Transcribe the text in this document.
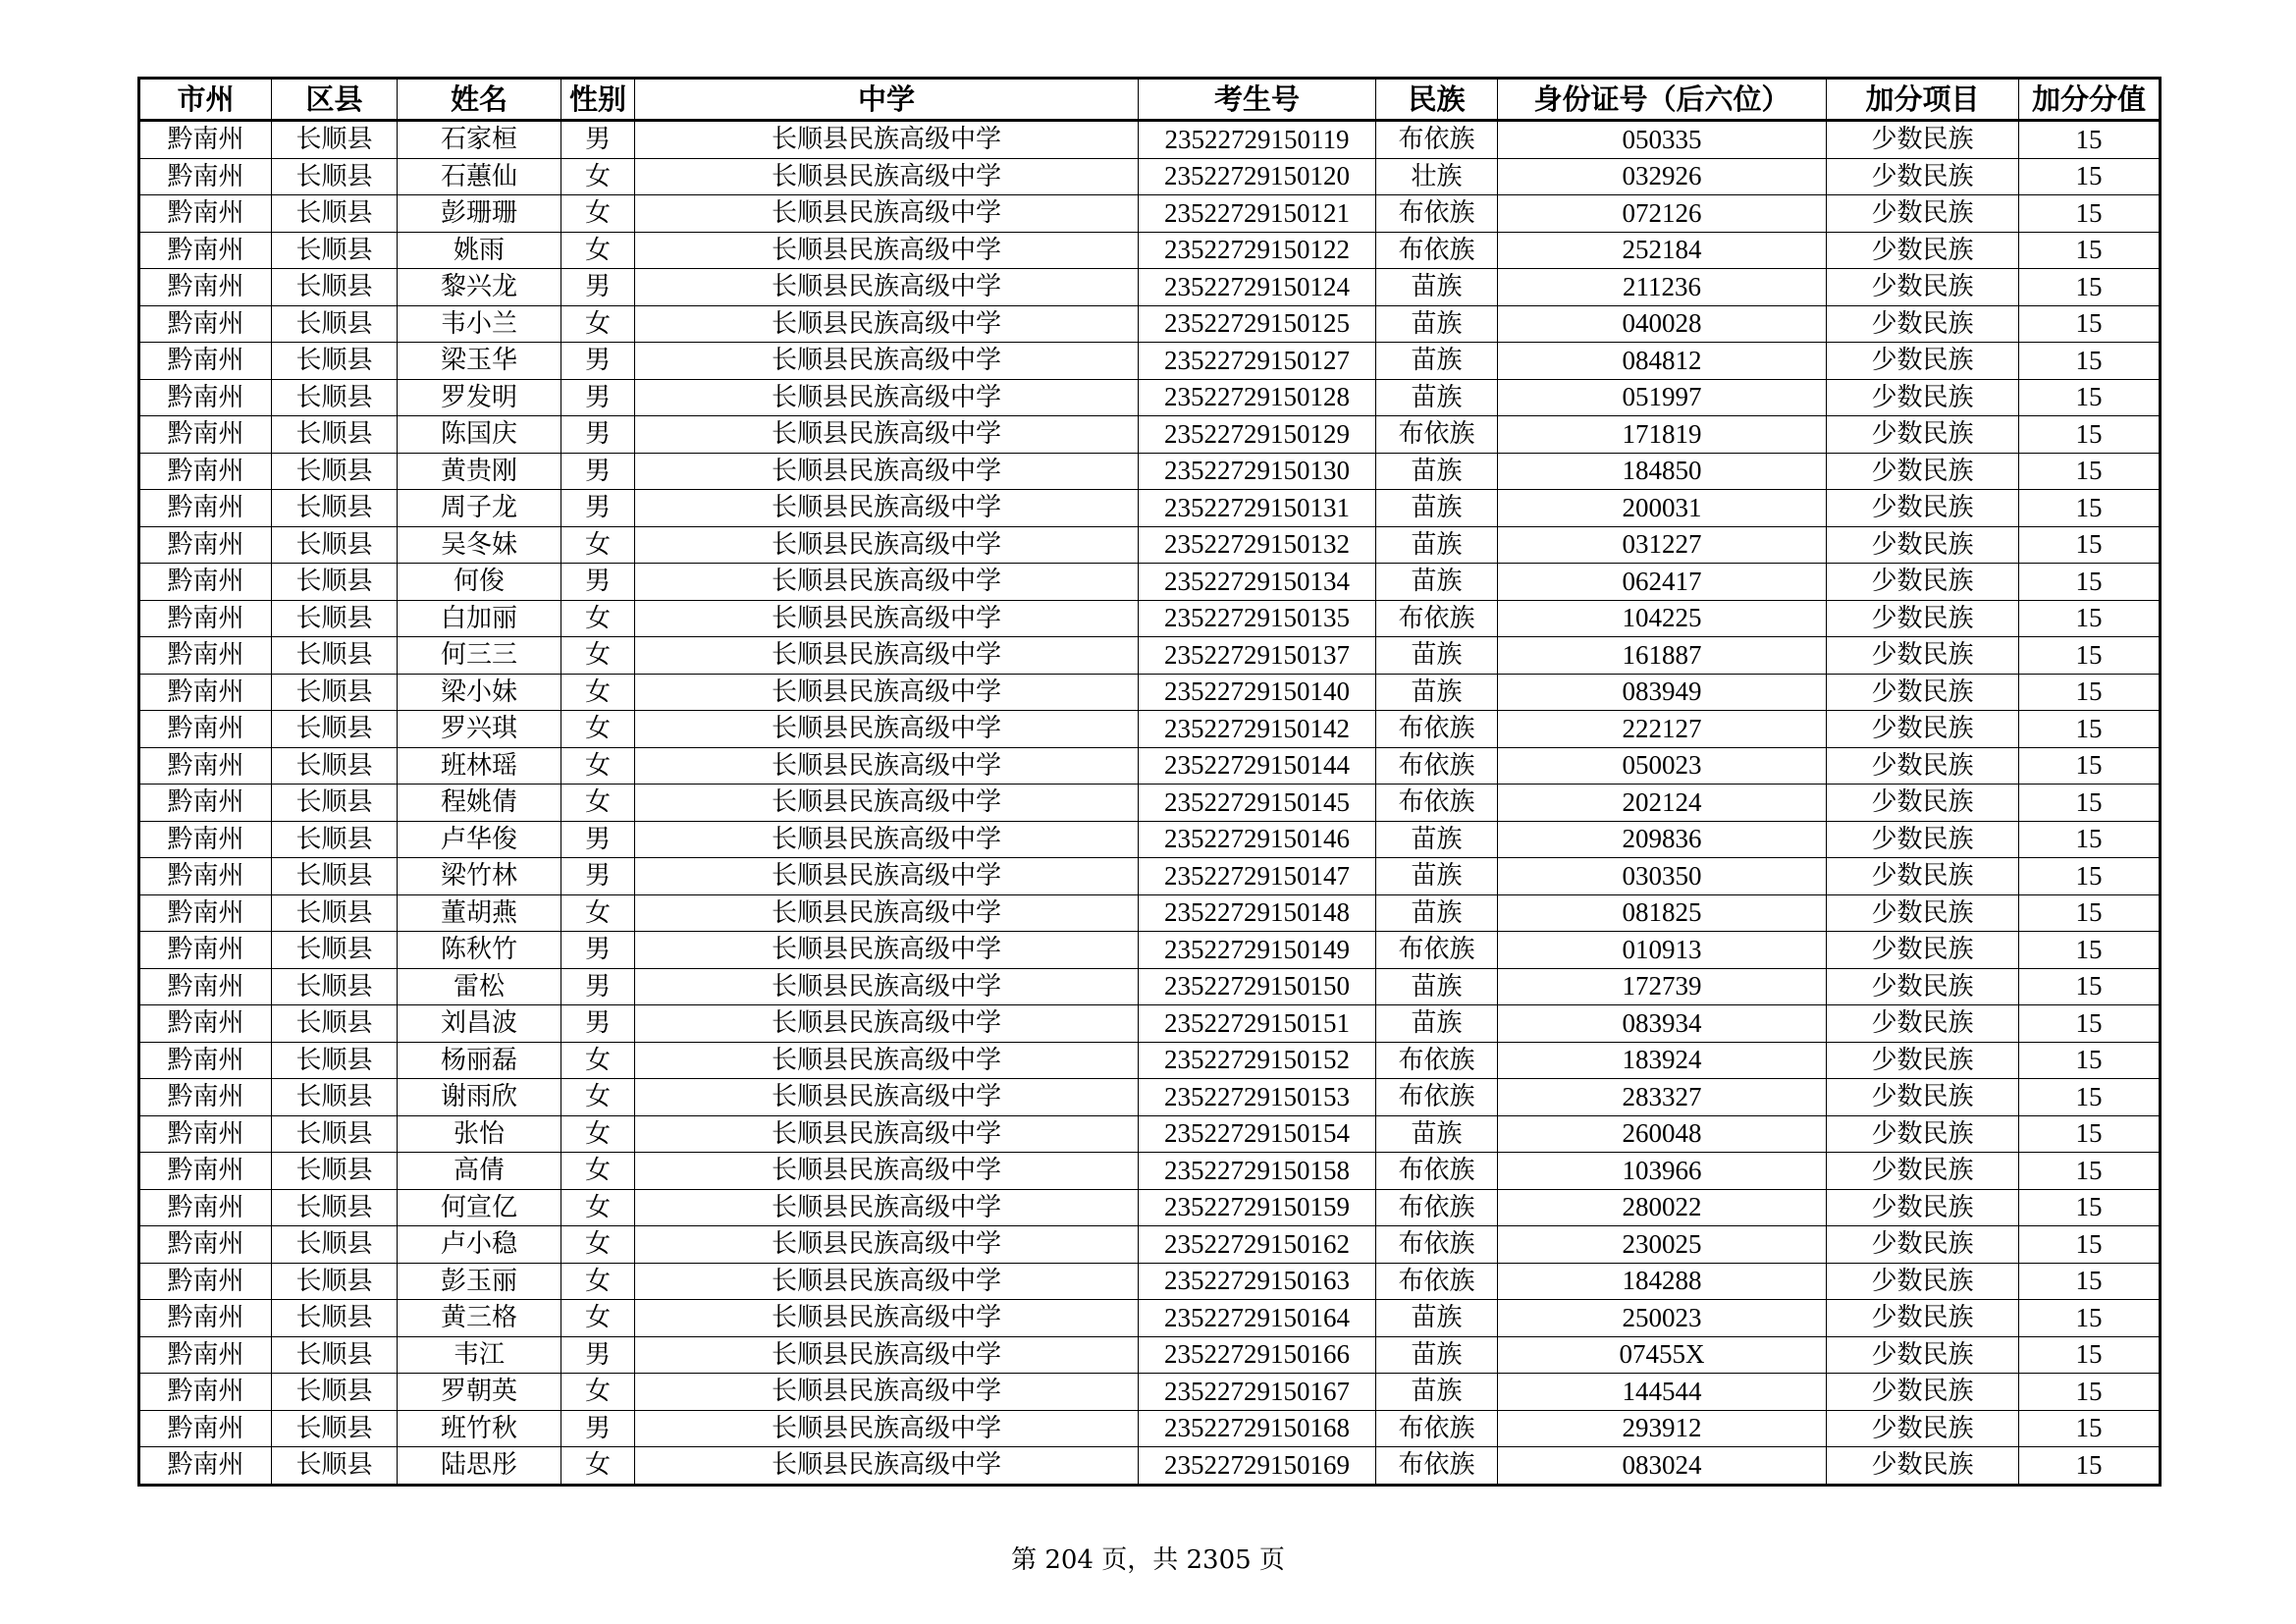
市州	区县	姓名	性别	中学	考生号	民族	身份证号（后六位）	加分项目	加分分值
黔南州	长顺县	石家桓	男	长顺县民族高级中学	23522729150119	布依族	050335	少数民族	15
黔南州	长顺县	石蕙仙	女	长顺县民族高级中学	23522729150120	壮族	032926	少数民族	15
黔南州	长顺县	彭珊珊	女	长顺县民族高级中学	23522729150121	布依族	072126	少数民族	15
黔南州	长顺县	姚雨	女	长顺县民族高级中学	23522729150122	布依族	252184	少数民族	15
黔南州	长顺县	黎兴龙	男	长顺县民族高级中学	23522729150124	苗族	211236	少数民族	15
黔南州	长顺县	韦小兰	女	长顺县民族高级中学	23522729150125	苗族	040028	少数民族	15
黔南州	长顺县	梁玉华	男	长顺县民族高级中学	23522729150127	苗族	084812	少数民族	15
黔南州	长顺县	罗发明	男	长顺县民族高级中学	23522729150128	苗族	051997	少数民族	15
黔南州	长顺县	陈国庆	男	长顺县民族高级中学	23522729150129	布依族	171819	少数民族	15
黔南州	长顺县	黄贵刚	男	长顺县民族高级中学	23522729150130	苗族	184850	少数民族	15
黔南州	长顺县	周子龙	男	长顺县民族高级中学	23522729150131	苗族	200031	少数民族	15
黔南州	长顺县	吴冬妹	女	长顺县民族高级中学	23522729150132	苗族	031227	少数民族	15
黔南州	长顺县	何俊	男	长顺县民族高级中学	23522729150134	苗族	062417	少数民族	15
黔南州	长顺县	白加丽	女	长顺县民族高级中学	23522729150135	布依族	104225	少数民族	15
黔南州	长顺县	何三三	女	长顺县民族高级中学	23522729150137	苗族	161887	少数民族	15
黔南州	长顺县	梁小妹	女	长顺县民族高级中学	23522729150140	苗族	083949	少数民族	15
黔南州	长顺县	罗兴琪	女	长顺县民族高级中学	23522729150142	布依族	222127	少数民族	15
黔南州	长顺县	班林瑶	女	长顺县民族高级中学	23522729150144	布依族	050023	少数民族	15
黔南州	长顺县	程姚倩	女	长顺县民族高级中学	23522729150145	布依族	202124	少数民族	15
黔南州	长顺县	卢华俊	男	长顺县民族高级中学	23522729150146	苗族	209836	少数民族	15
黔南州	长顺县	梁竹林	男	长顺县民族高级中学	23522729150147	苗族	030350	少数民族	15
黔南州	长顺县	董胡燕	女	长顺县民族高级中学	23522729150148	苗族	081825	少数民族	15
黔南州	长顺县	陈秋竹	男	长顺县民族高级中学	23522729150149	布依族	010913	少数民族	15
黔南州	长顺县	雷松	男	长顺县民族高级中学	23522729150150	苗族	172739	少数民族	15
黔南州	长顺县	刘昌波	男	长顺县民族高级中学	23522729150151	苗族	083934	少数民族	15
黔南州	长顺县	杨丽磊	女	长顺县民族高级中学	23522729150152	布依族	183924	少数民族	15
黔南州	长顺县	谢雨欣	女	长顺县民族高级中学	23522729150153	布依族	283327	少数民族	15
黔南州	长顺县	张怡	女	长顺县民族高级中学	23522729150154	苗族	260048	少数民族	15
黔南州	长顺县	高倩	女	长顺县民族高级中学	23522729150158	布依族	103966	少数民族	15
黔南州	长顺县	何宣亿	女	长顺县民族高级中学	23522729150159	布依族	280022	少数民族	15
黔南州	长顺县	卢小稳	女	长顺县民族高级中学	23522729150162	布依族	230025	少数民族	15
黔南州	长顺县	彭玉丽	女	长顺县民族高级中学	23522729150163	布依族	184288	少数民族	15
黔南州	长顺县	黄三格	女	长顺县民族高级中学	23522729150164	苗族	250023	少数民族	15
黔南州	长顺县	韦江	男	长顺县民族高级中学	23522729150166	苗族	07455X	少数民族	15
黔南州	长顺县	罗朝英	女	长顺县民族高级中学	23522729150167	苗族	144544	少数民族	15
黔南州	长顺县	班竹秋	男	长顺县民族高级中学	23522729150168	布依族	293912	少数民族	15
黔南州	长顺县	陆思彤	女	长顺县民族高级中学	23522729150169	布依族	083024	少数民族	15
第 204 页，共 2305 页
